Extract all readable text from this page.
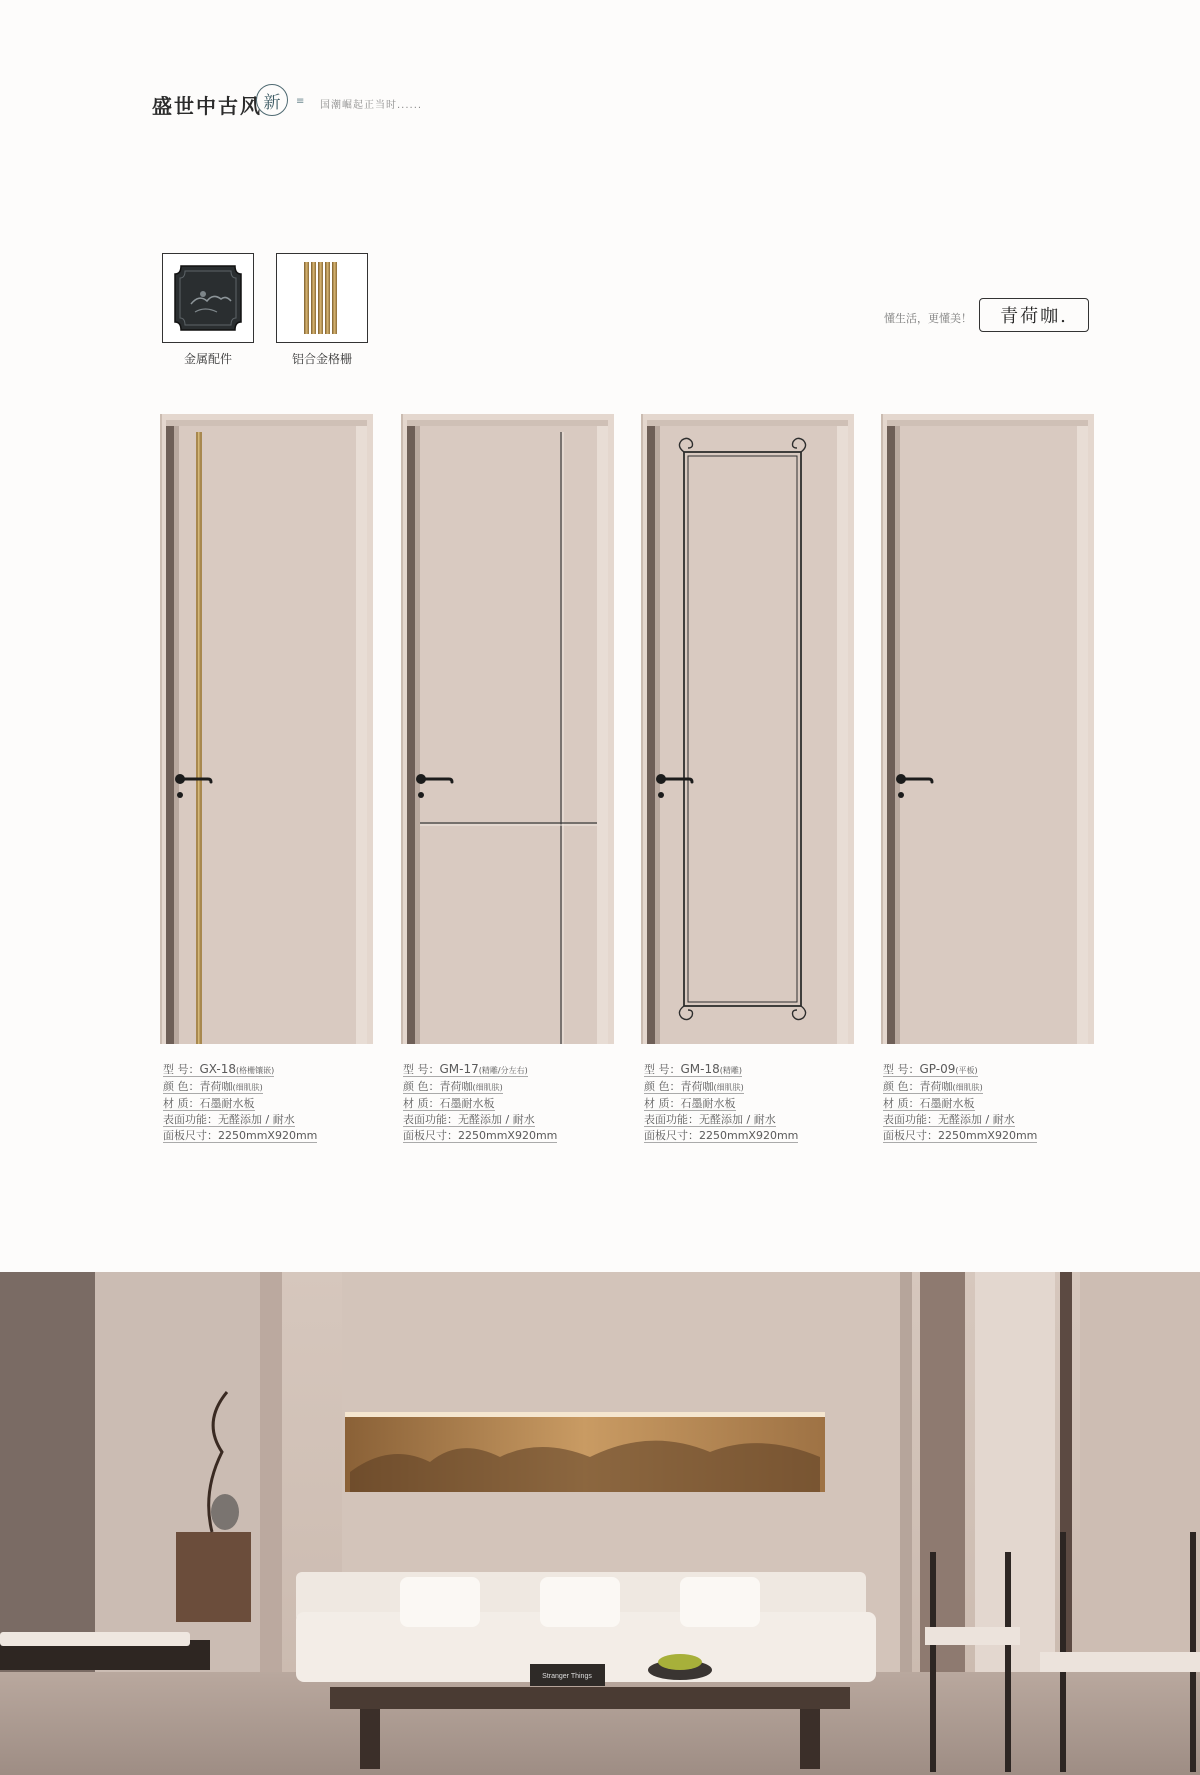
盛世中古风 新 ≡ 国潮崛起正当时......
金属配件	铝合金格栅
懂生活，更懂美！ 青荷咖.
型 号：GX-18(格栅镶嵌)
颜 色：青荷咖(细肌肤)
材 质：石墨耐水板
表面功能：无醛添加 / 耐水
面板尺寸：2250mmX920mm
型 号：GM-17(精雕/分左右)
颜 色：青荷咖(细肌肤)
材 质：石墨耐水板
表面功能：无醛添加 / 耐水
面板尺寸：2250mmX920mm
型 号：GM-18(精雕)
颜 色：青荷咖(细肌肤)
材 质：石墨耐水板
表面功能：无醛添加 / 耐水
面板尺寸：2250mmX920mm
型 号：GP-09(平板)
颜 色：青荷咖(细肌肤)
材 质：石墨耐水板
表面功能：无醛添加 / 耐水
面板尺寸：2250mmX920mm
Stranger Things
